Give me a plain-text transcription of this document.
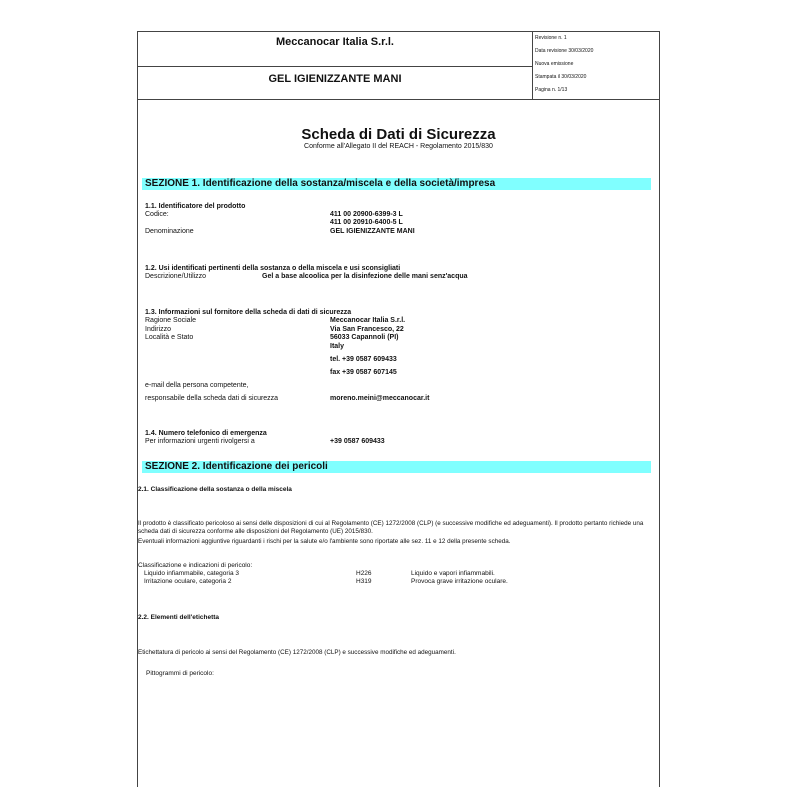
Meccanocar Italia S.r.l.
GEL IGIENIZZANTE MANI
Revisione n. 1
Data revisione 30/03/2020
Nuova emissione
Stampata il 30/03/2020
Pagina n. 1/13
Scheda di Dati di Sicurezza
Conforme all'Allegato II del REACH - Regolamento 2015/830
SEZIONE 1. Identificazione della sostanza/miscela e della società/impresa
1.1. Identificatore del prodotto
Codice:	411 00 20900-6399-3 L
411 00 20910-6400-5 L
Denominazione	GEL IGIENIZZANTE MANI
1.2. Usi identificati pertinenti della sostanza o della miscela e usi sconsigliati
Descrizione/Utilizzo	Gel a base alcoolica per la disinfezione delle mani senz'acqua
1.3. Informazioni sul fornitore della scheda di dati di sicurezza
Ragione Sociale	Meccanocar Italia S.r.l.
Indirizzo	Via San Francesco, 22
Località e Stato	56033 Capannoli (PI)
Italy
tel. +39 0587 609433
fax +39 0587 607145
e-mail della persona competente,
responsabile della scheda dati di sicurezza	moreno.meini@meccanocar.it
1.4. Numero telefonico di emergenza
Per informazioni urgenti rivolgersi a	+39 0587 609433
SEZIONE 2. Identificazione dei pericoli
2.1. Classificazione della sostanza o della miscela
Il prodotto è classificato pericoloso ai sensi delle disposizioni di cui al Regolamento (CE) 1272/2008 (CLP) (e successive modifiche ed adeguamenti). Il prodotto pertanto richiede una scheda dati di sicurezza conforme alle disposizioni del Regolamento (UE) 2015/830.
Eventuali informazioni aggiuntive riguardanti i rischi per la salute e/o l'ambiente sono riportate alle sez. 11 e 12 della presente scheda.
Classificazione e indicazioni di pericolo:
Liquido infiammabile, categoria 3	H226	Liquido e vapori infiammabili.
Irritazione oculare, categoria 2	H319	Provoca grave irritazione oculare.
2.2. Elementi dell'etichetta
Etichettatura di pericolo ai sensi del Regolamento (CE) 1272/2008 (CLP) e successive modifiche ed adeguamenti.
Pittogrammi di pericolo:
